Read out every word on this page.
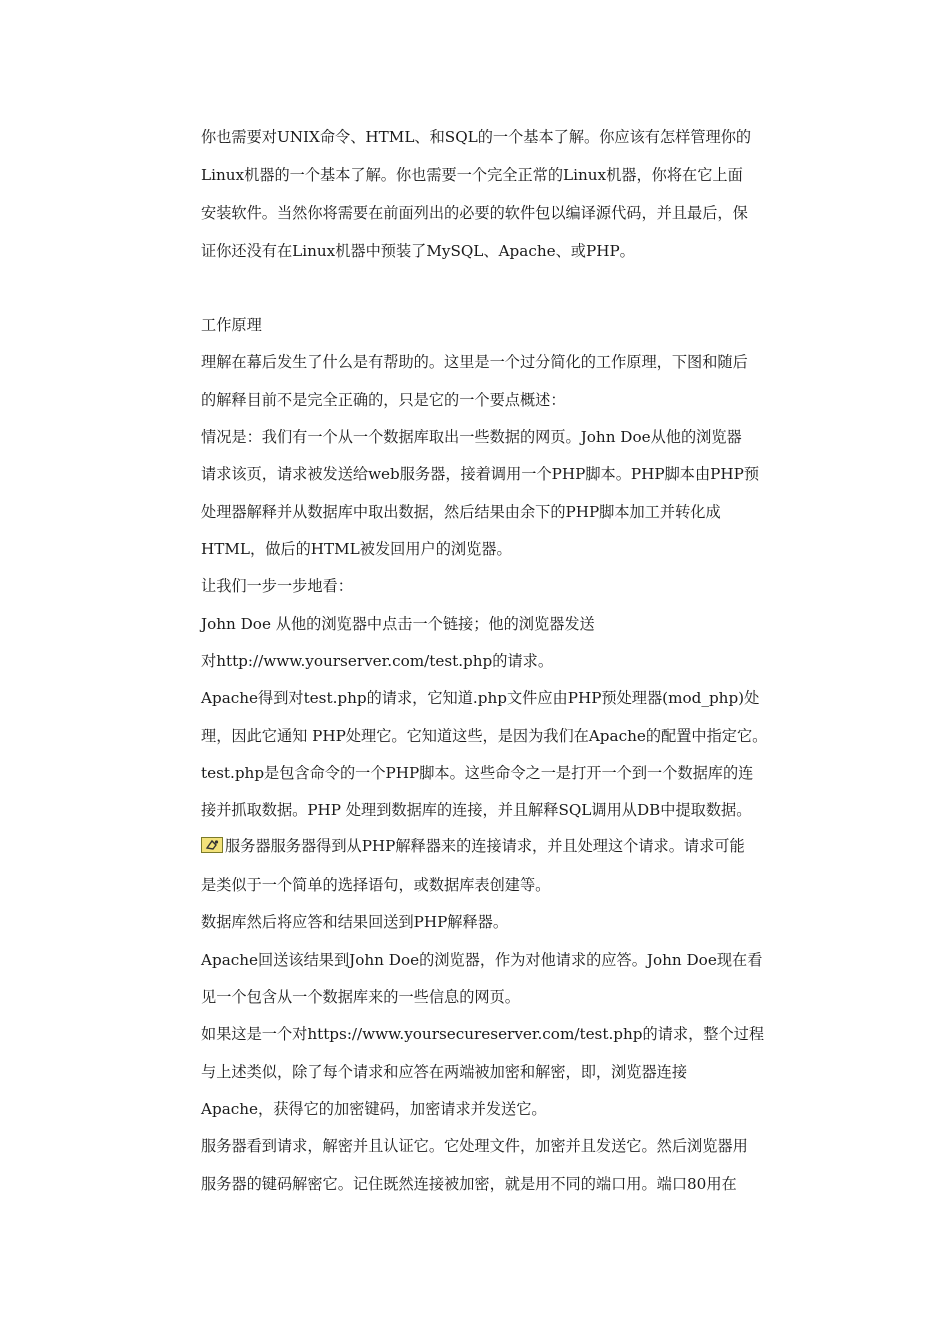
你也需要对UNIX命令、HTML、和SQL的一个基本了解。你应该有怎样管理你的
Linux机器的一个基本了解。你也需要一个完全正常的Linux机器，你将在它上面
安装软件。当然你将需要在前面列出的必要的软件包以编译源代码，并且最后，保
证你还没有在Linux机器中预装了MySQL、Apache、或PHP。
工作原理
理解在幕后发生了什么是有帮助的。这里是一个过分简化的工作原理，下图和随后
的解释目前不是完全正确的，只是它的一个要点概述：
情况是：我们有一个从一个数据库取出一些数据的网页。John Doe从他的浏览器
请求该页，请求被发送给web服务器，接着调用一个PHP脚本。PHP脚本由PHP预
处理器解释并从数据库中取出数据，然后结果由余下的PHP脚本加工并转化成
HTML，做后的HTML被发回用户的浏览器。
让我们一步一步地看：
John Doe 从他的浏览器中点击一个链接；他的浏览器发送
对http://www.yourserver.com/test.php的请求。
Apache得到对test.php的请求，它知道.php文件应由PHP预处理器(mod_php)处
理，因此它通知 PHP处理它。它知道这些，是因为我们在Apache的配置中指定它。
test.php是包含命令的一个PHP脚本。这些命令之一是打开一个到一个数据库的连
接并抓取数据。PHP 处理到数据库的连接，并且解释SQL调用从DB中提取数据。
服务器服务器得到从PHP解释器来的连接请求，并且处理这个请求。请求可能
是类似于一个简单的选择语句，或数据库表创建等。
数据库然后将应答和结果回送到PHP解释器。
Apache回送该结果到John Doe的浏览器，作为对他请求的应答。John Doe现在看
见一个包含从一个数据库来的一些信息的网页。
如果这是一个对https://www.yoursecureserver.com/test.php的请求，整个过程
与上述类似，除了每个请求和应答在两端被加密和解密，即，浏览器连接
Apache，获得它的加密键码，加密请求并发送它。
服务器看到请求，解密并且认证它。它处理文件，加密并且发送它。然后浏览器用
服务器的键码解密它。记住既然连接被加密，就是用不同的端口用。端口80用在
